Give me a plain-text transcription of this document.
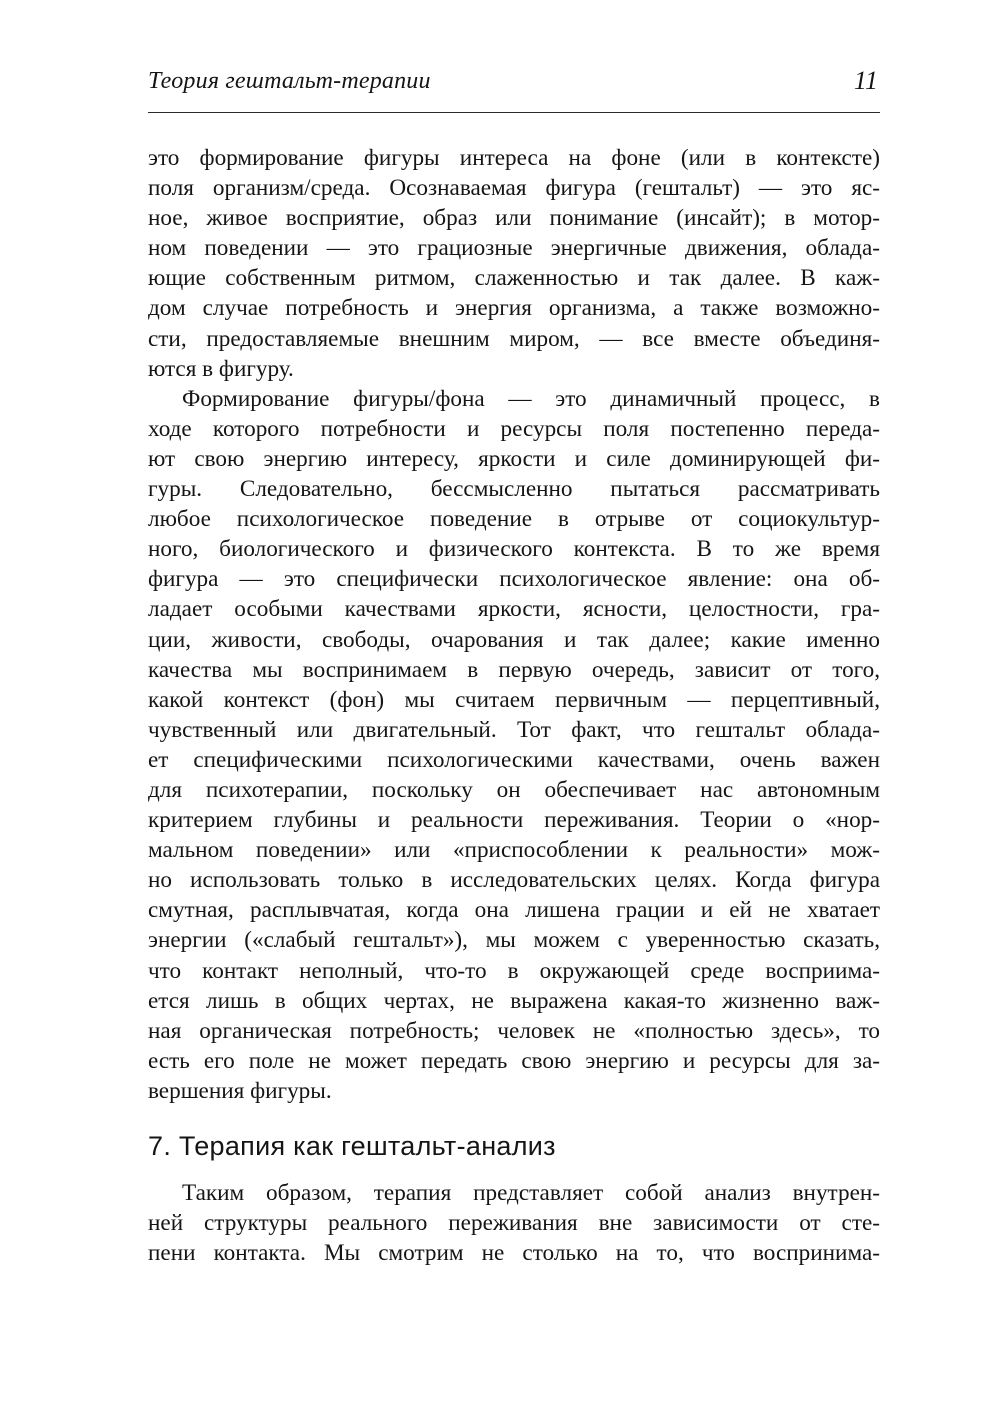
Теория гештальт-терапии	11
это формирование фигуры интереса на фоне (или в контексте)
поля организм/среда. Осознаваемая фигура (гештальт) — это яс-
ное, живое восприятие, образ или понимание (инсайт); в мотор-
ном поведении — это грациозные энергичные движения, облада-
ющие собственным ритмом, слаженностью и так далее. В каж-
дом случае потребность и энергия организма, а также возможно-
сти, предоставляемые внешним миром, — все вместе объединя-
ются в фигуру.
Формирование фигуры/фона — это динамичный процесс, в
ходе которого потребности и ресурсы поля постепенно переда-
ют свою энергию интересу, яркости и силе доминирующей фи-
гуры. Следовательно, бессмысленно пытаться рассматривать
любое психологическое поведение в отрыве от социокультур-
ного, биологического и физического контекста. В то же время
фигура — это специфически психологическое явление: она об-
ладает особыми качествами яркости, ясности, целостности, гра-
ции, живости, свободы, очарования и так далее; какие именно
качества мы воспринимаем в первую очередь, зависит от того,
какой контекст (фон) мы считаем первичным — перцептивный,
чувственный или двигательный. Тот факт, что гештальт облада-
ет специфическими психологическими качествами, очень важен
для психотерапии, поскольку он обеспечивает нас автономным
критерием глубины и реальности переживания. Теории о «нор-
мальном поведении» или «приспособлении к реальности» мож-
но использовать только в исследовательских целях. Когда фигура
смутная, расплывчатая, когда она лишена грации и ей не хватает
энергии («слабый гештальт»), мы можем с уверенностью сказать,
что контакт неполный, что-то в окружающей среде восприима-
ется лишь в общих чертах, не выражена какая-то жизненно важ-
ная органическая потребность; человек не «полностью здесь», то
есть его поле не может передать свою энергию и ресурсы для за-
вершения фигуры.
7. Терапия как гештальт-анализ
Таким образом, терапия представляет собой анализ внутрен-
ней структуры реального переживания вне зависимости от сте-
пени контакта. Мы смотрим не столько на то, что воспринима-
